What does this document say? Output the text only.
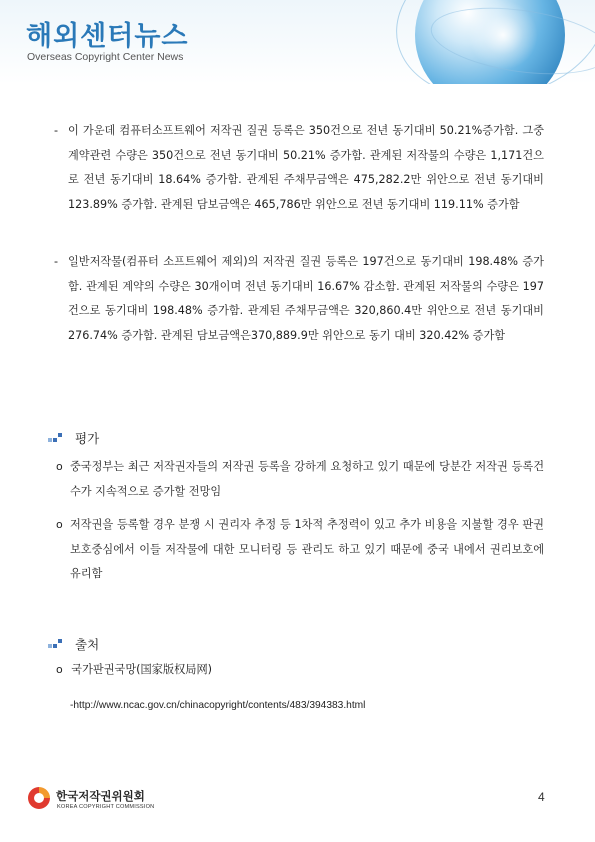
해외센터뉴스
Overseas Copyright Center News
- 이 가운데 컴퓨터소프트웨어 저작권 질권 등록은 350건으로 전년 동기대비 50.21%증가함. 그중 계약관련 수량은 350건으로 전년 동기대비 50.21% 증가함. 관계된 저작물의 수량은 1,171건으로 전년 동기대비 18.64% 증가함. 관계된 주채무금액은 475,282.2만 위안으로 전년 동기대비 123.89% 증가함. 관계된 담보금액은 465,786만 위안으로 전년 동기대비 119.11% 증가함
- 일반저작물(컴퓨터 소프트웨어 제외)의 저작권 질권 등록은 197건으로 동기대비 198.48% 증가함. 관계된 계약의 수량은 30개이며 전년 동기대비 16.67% 감소함. 관계된 저작물의 수량은 197건으로 동기대비 198.48% 증가함. 관계된 주채무금액은 320,860.4만 위안으로 전년 동기대비 276.74% 증가함. 관계된 담보금액은370,889.9만 위안으로 동기 대비 320.42% 증가함
평가
o 중국정부는 최근 저작권자들의 저작권 등록을 강하게 요청하고 있기 때문에 당분간 저작권 등록건수가 지속적으로 증가할 전망임
o 저작권을 등록할 경우 분쟁 시 권리자 추정 등 1차적 추정력이 있고 추가 비용을 지불할 경우 판권보호중심에서 이들 저작물에 대한 모니터링 등 관리도 하고 있기 때문에 중국 내에서 권리보호에 유리함
출처
o 국가판권국망(国家版权局网)
-http://www.ncac.gov.cn/chinacopyright/contents/483/394383.html
한국저작권위원회
KOREA COPYRIGHT COMMISSION
4
